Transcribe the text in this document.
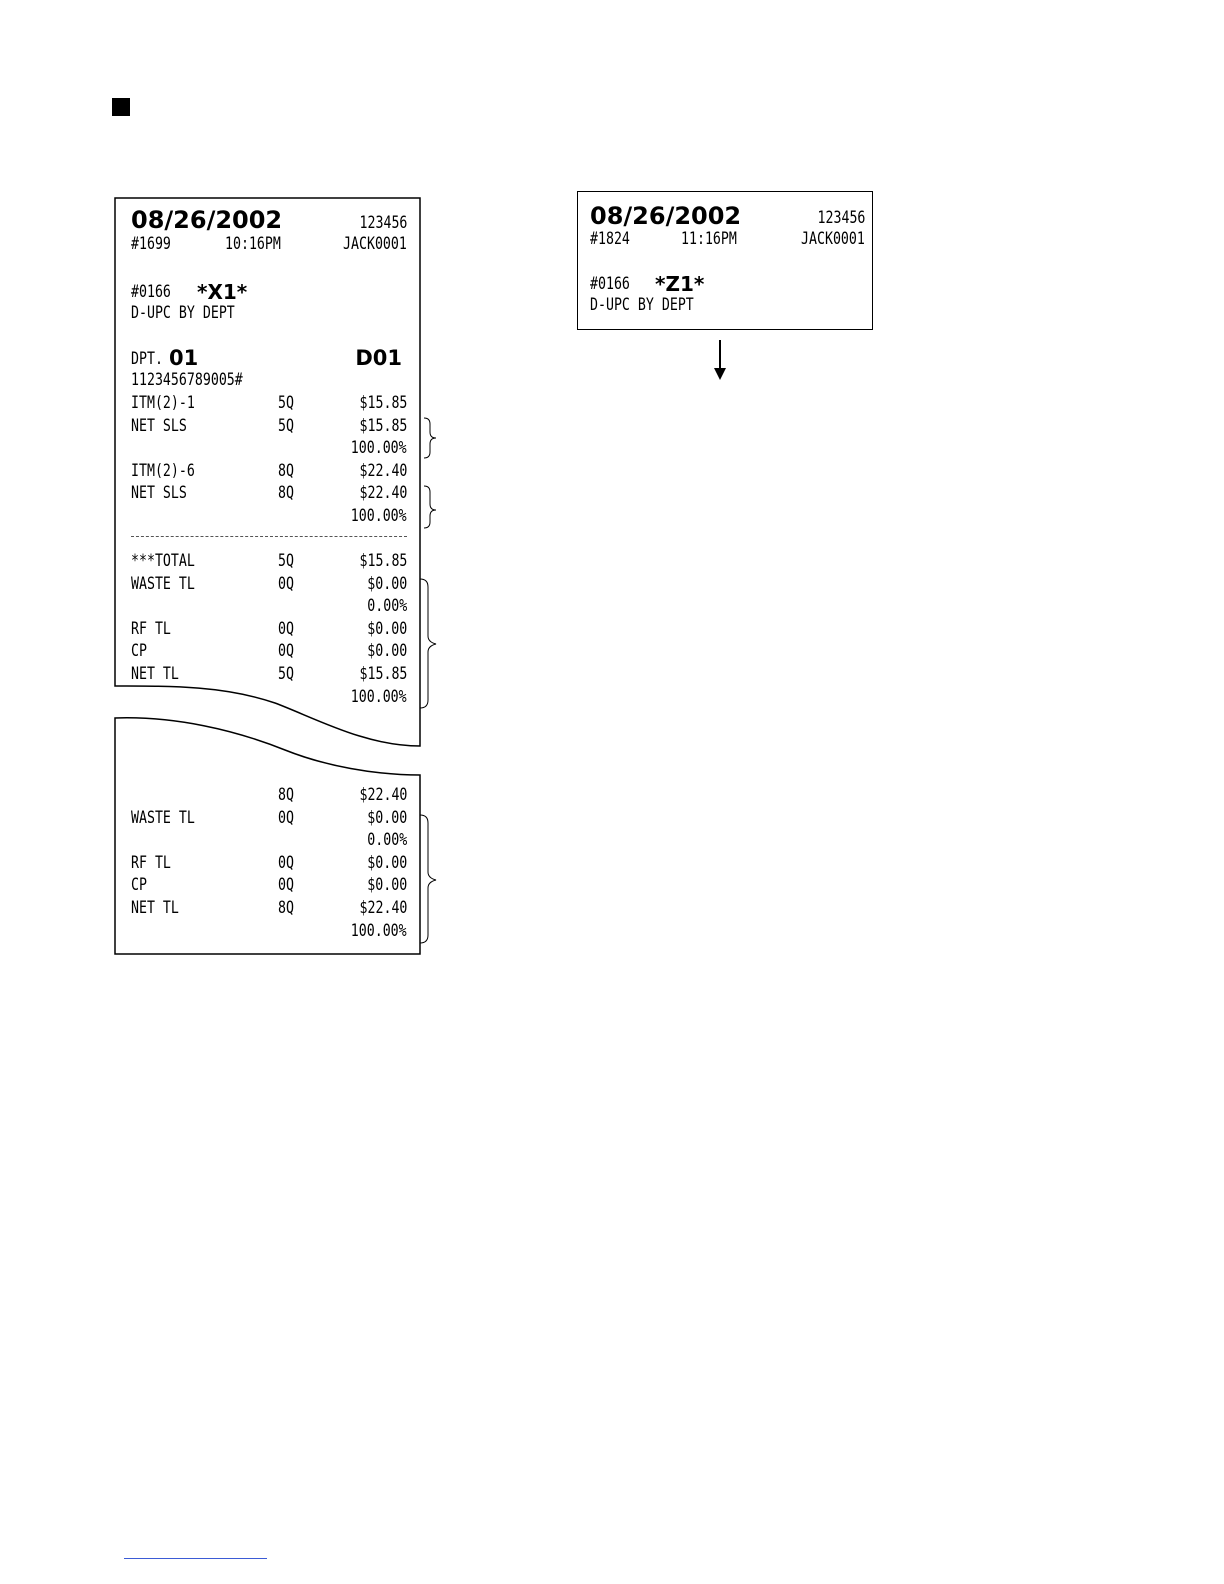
08/26/2002	123456
#1699	10:16PM	JACK0001
#0166 *X1*
D-UPC BY DEPT
DPT. 01	D01
1123456789005#
ITM(2)-1	5Q	$15.85
NET SLS	5Q	$15.85
100.00%
ITM(2)-6	8Q	$22.40
NET SLS	8Q	$22.40
100.00%
***TOTAL	5Q	$15.85
WASTE TL	0Q	$0.00
0.00%
RF TL	0Q	$0.00
CP	0Q	$0.00
NET TL	5Q	$15.85
100.00%
8Q	$22.40
WASTE TL	0Q	$0.00
0.00%
RF TL	0Q	$0.00
CP	0Q	$0.00
NET TL	8Q	$22.40
100.00%
08/26/2002	123456
#1824	11:16PM	JACK0001
#0166 *Z1*
D-UPC BY DEPT
